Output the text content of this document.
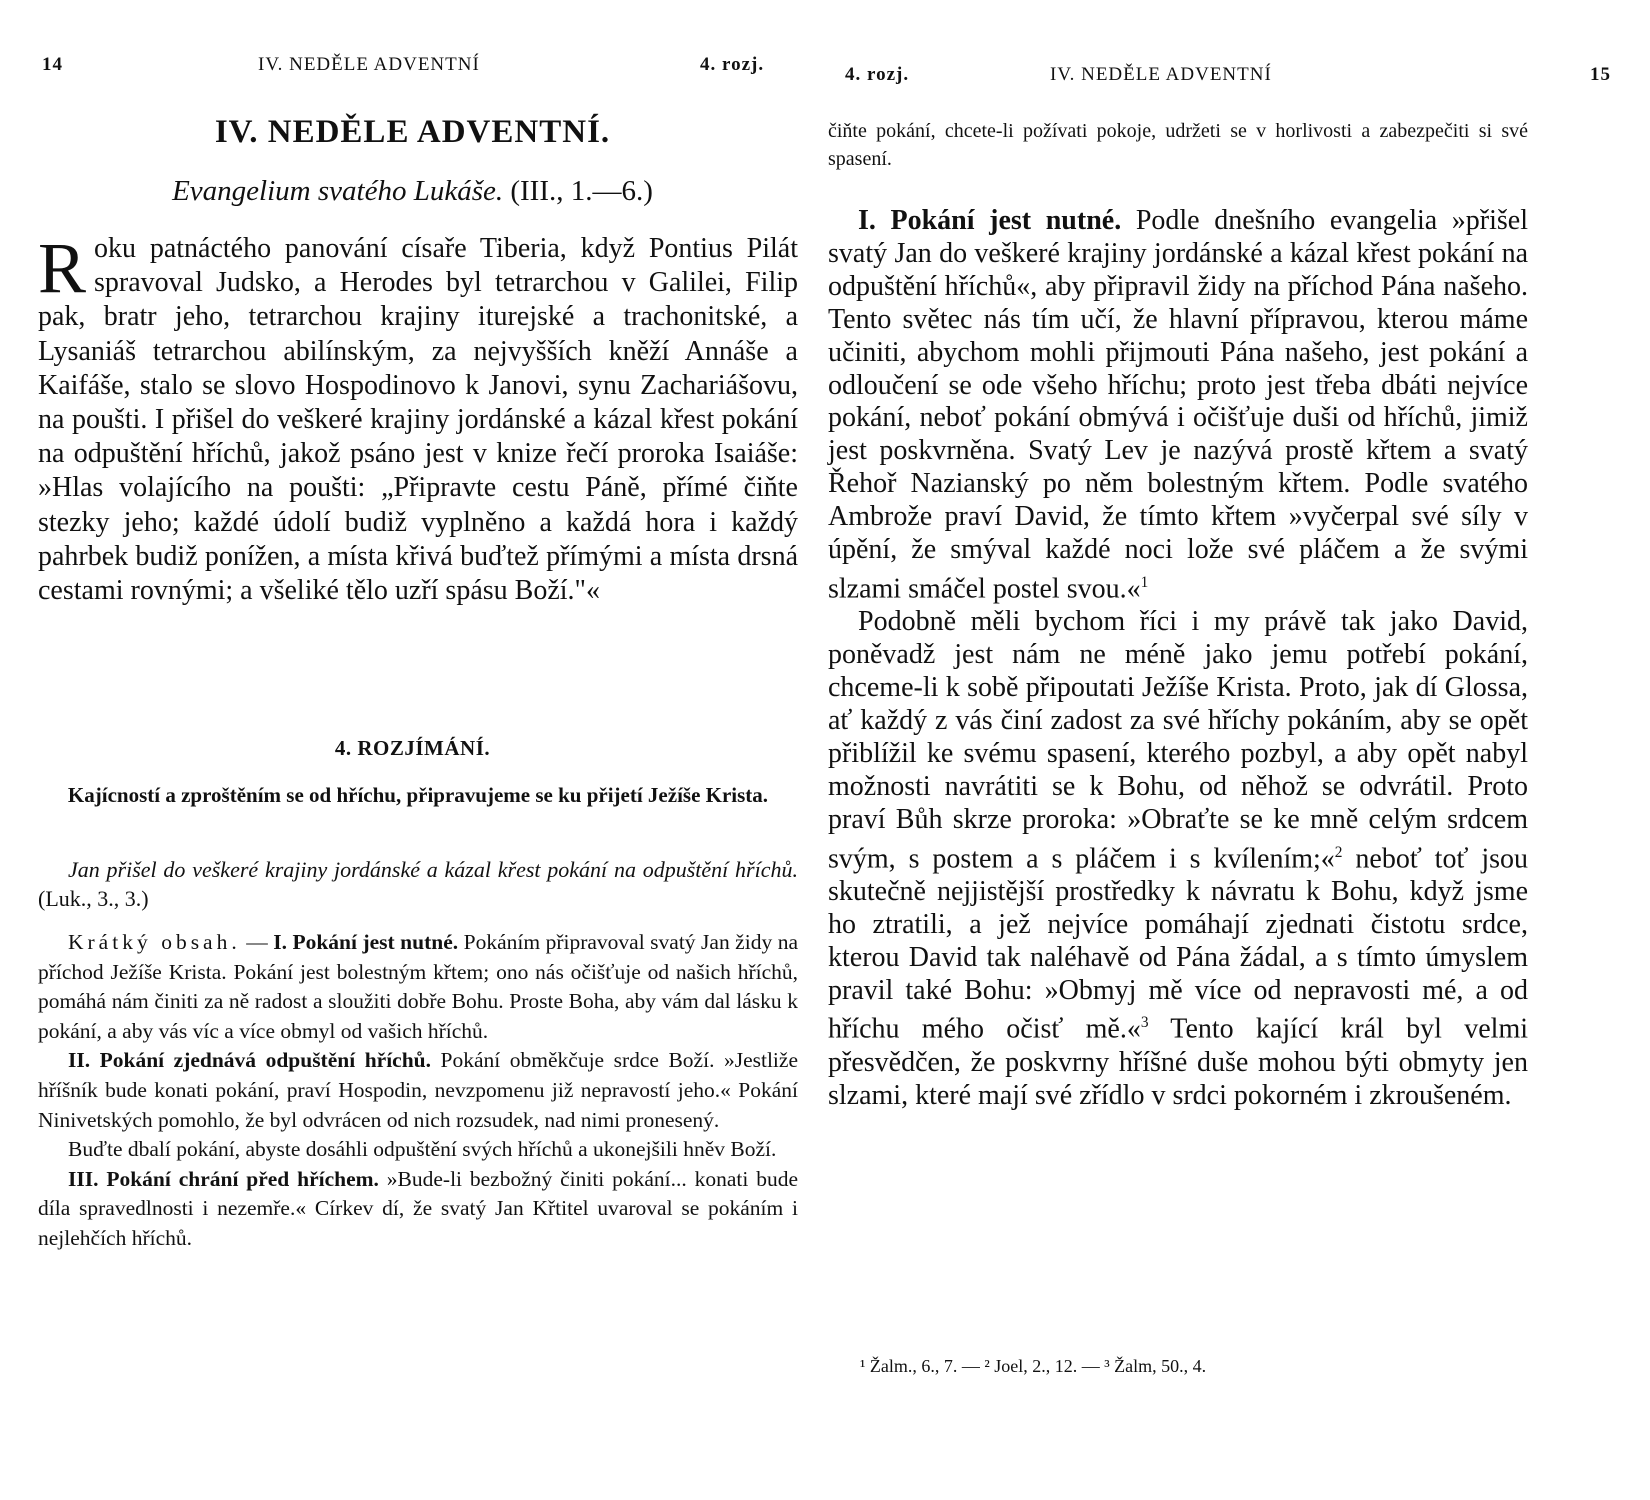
14	IV. NEDĚLE ADVENTNÍ	4. rozj.
IV. NEDĚLE ADVENTNÍ.
Evangelium svatého Lukáše. (III., 1.—6.)
R oku patnáctého panování císaře Tiberia, když Pontius Pilát spravoval Judsko, a Herodes byl tetrarchou v Galilei, Filip pak, bratr jeho, tetrarchou krajiny iturejské a trachonitské, a Lysaniáš tetrarchou abilínským, za nejvyšších kněží Annáše a Kaifáše, stalo se slovo Hospodinovo k Janovi, synu Zachariášovu, na poušti. I přišel do veškeré krajiny jordánské a kázal křest pokání na odpuštění hříchů, jakož psáno jest v knize řečí proroka Isaiáše: »Hlas volajícího na poušti: „Připravte cestu Páně, přímé čiňte stezky jeho; každé údolí budiž vyplněno a každá hora i každý pahrbek budiž ponížen, a místa křivá buďtež přímými a místa drsná cestami rovnými; a všeliké tělo uzří spásu Boží."«
4. ROZJÍMÁNÍ.
Kajícností a zproštěním se od hříchu, připravujeme se ku přijetí Ježíše Krista.
Jan přišel do veškeré krajiny jordánské a kázal křest pokání na odpuštění hříchů. (Luk., 3., 3.)

Krátký obsah. — I. Pokání jest nutné. Pokáním připravoval svatý Jan židy na příchod Ježíše Krista. Pokání jest bolestným křtem; ono nás očišťuje od našich hříchů, pomáhá nám činiti za ně radost a sloužiti dobře Bohu. Proste Boha, aby vám dal lásku k pokání, a aby vás víc a více obmyl od vašich hříchů.

II. Pokání zjednává odpuštění hříchů. Pokání obměkčuje srdce Boží. »Jestliže hříšník bude konati pokání, praví Hospodin, nevzpomenu již nepravostí jeho.« Pokání Ninivetských pomohlo, že byl odvrácen od nich rozsudek, nad nimi pronesený.

Buďte dbalí pokání, abyste dosáhli odpuštění svých hříchů a ukonejšili hněv Boží.

III. Pokání chrání před hříchem. »Bude-li bezbožný činiti pokání... konati bude díla spravedlnosti i nezemře.« Církev dí, že svatý Jan Křtitel uvaroval se pokáním i nejlehčích hříchů.

4. rozj.	IV. NEDĚLE ADVENTNÍ	15
čiňte pokání, chcete-li požívati pokoje, udržeti se v horlivosti a zabezpečiti si své spasení.

I. Pokání jest nutné. Podle dnešního evangelia »přišel svatý Jan do veškeré krajiny jordánské a kázal křest pokání na odpuštění hříchů«, aby připravil židy na příchod Pána našeho. Tento světec nás tím učí, že hlavní přípravou, kterou máme učiniti, abychom mohli přijmouti Pána našeho, jest pokání a odloučení se ode všeho hříchu; proto jest třeba dbáti nejvíce pokání, neboť pokání obmývá i očišťuje duši od hříchů, jimiž jest poskvrněna. Svatý Lev je nazývá prostě křtem a svatý Řehoř Nazianský po něm bolestným křtem. Podle svatého Ambrože praví David, že tímto křtem »vyčerpal své síly v úpění, že smýval každé noci lože své pláčem a že svými slzami smáčel postel svou.«$^1$

Podobně měli bychom říci i my právě tak jako David, poněvadž jest nám ne méně jako jemu potřebí pokání, chceme-li k sobě připoutati Ježíše Krista. Proto, jak dí Glossa, ať každý z vás činí zadost za své hříchy pokáním, aby se opět přiblížil ke svému spasení, kterého pozbyl, a aby opět nabyl možnosti navrátiti se k Bohu, od něhož se odvrátil. Proto praví Bůh skrze proroka: »Obraťte se ke mně celým srdcem svým, s postem a s pláčem i s kvílením;«$^2$ neboť toť jsou skutečně nejjistější prostředky k návratu k Bohu, když jsme ho ztratili, a jež nejvíce pomáhají zjednati čistotu srdce, kterou David tak naléhavě od Pána žádal, a s tímto úmyslem pravil také Bohu: »Obmyj mě více od nepravosti mé, a od hříchu mého očisť mě.«$^3$ Tento kající král byl velmi přesvědčen, že poskvrny hříšné duše mohou býti obmyty jen slzami, které mají své zřídlo v srdci pokorném i zkroušeném.

¹ Žalm., 6., 7. — ² Joel, 2., 12. — ³ Žalm, 50., 4.
